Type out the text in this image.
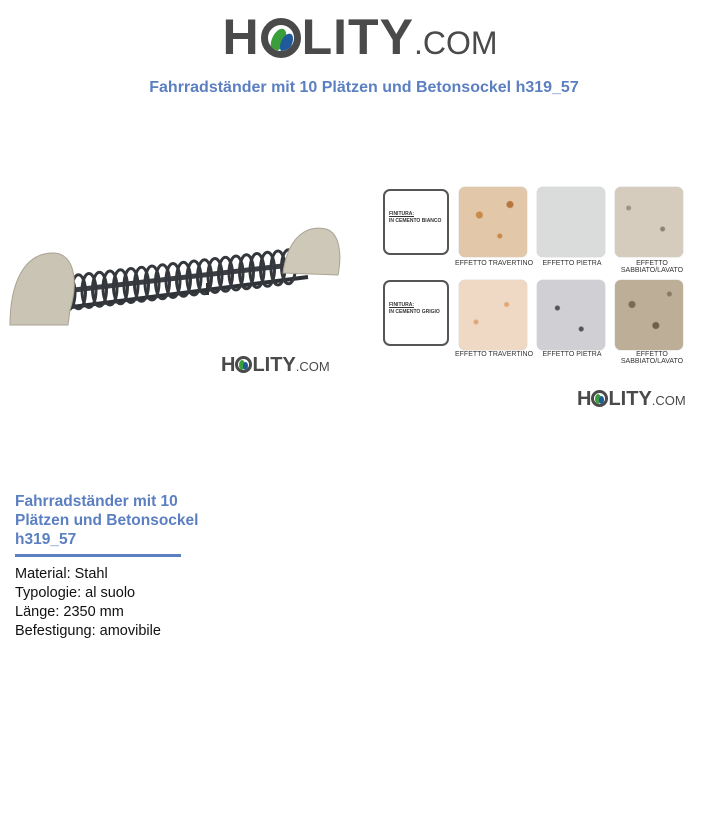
H LITY.COM
Fahrradständer mit 10 Plätzen und Betonsockel h319_57
H LITY.COM
FINITURA:
IN CEMENTO BIANCO
EFFETTO TRAVERTINO	EFFETTO PIETRA	EFFETTO SABBIATO/LAVATO
FINITURA:
IN CEMENTO GRIGIO
EFFETTO TRAVERTINO	EFFETTO PIETRA	EFFETTO SABBIATO/LAVATO
H LITY.COM
Fahrradständer mit 10 Plätzen und Betonsockel h319_57
Material: Stahl
Typologie: al suolo
Länge: 2350 mm
Befestigung: amovibile
